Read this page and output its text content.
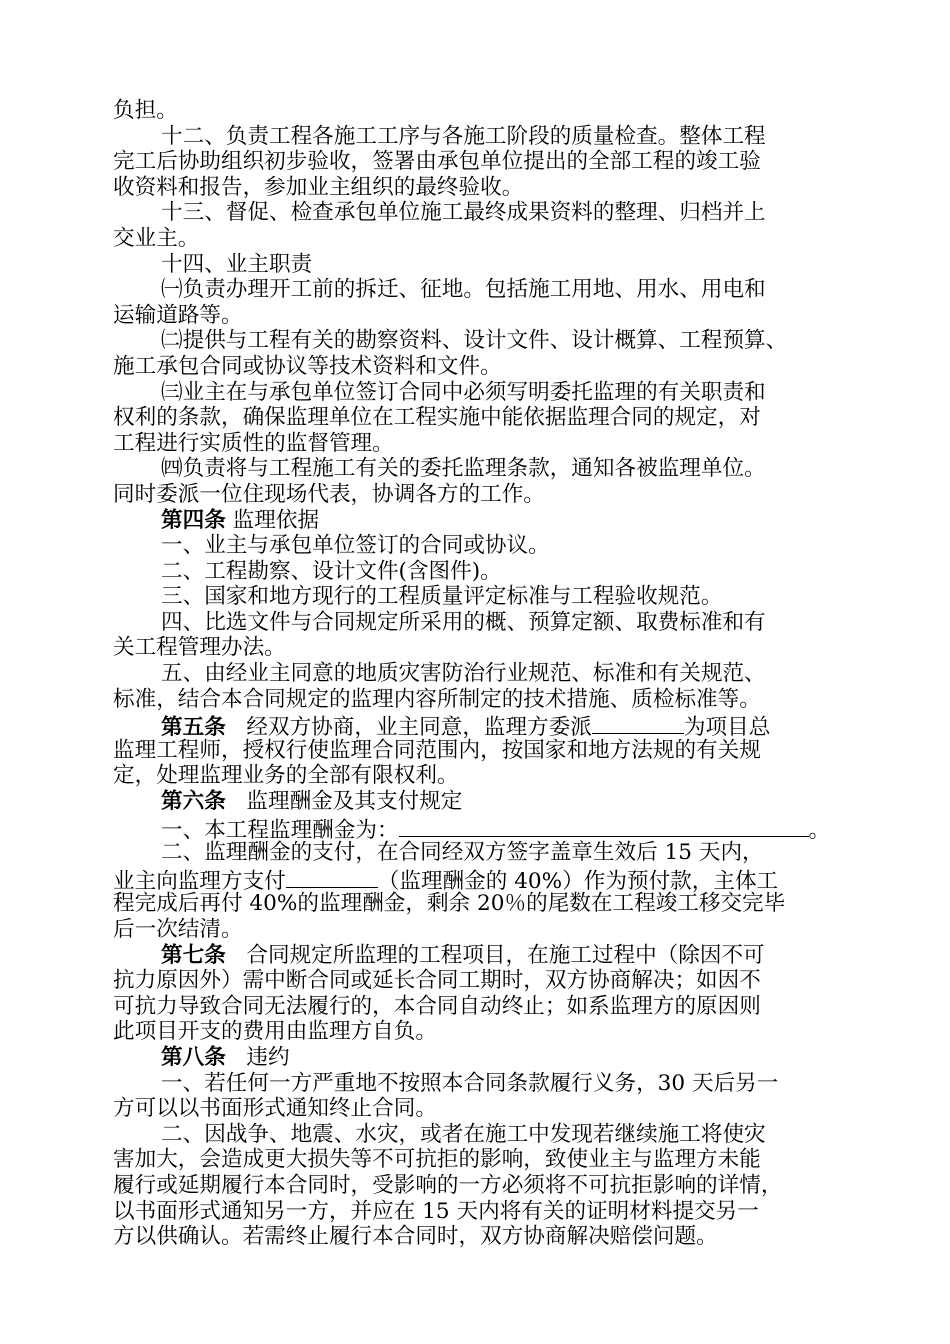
负担。
十二、负责工程各施工工序与各施工阶段的质量检查。整体工程
完工后协助组织初步验收，签署由承包单位提出的全部工程的竣工验
收资料和报告，参加业主组织的最终验收。
十三、督促、检查承包单位施工最终成果资料的整理、归档并上
交业主。
十四、业主职责
㈠负责办理开工前的拆迁、征地。包括施工用地、用水、用电和
运输道路等。
㈡提供与工程有关的勘察资料、设计文件、设计概算、工程预算、
施工承包合同或协议等技术资料和文件。
㈢业主在与承包单位签订合同中必须写明委托监理的有关职责和
权利的条款，确保监理单位在工程实施中能依据监理合同的规定，对
工程进行实质性的监督管理。
㈣负责将与工程施工有关的委托监理条款，通知各被监理单位。
同时委派一位住现场代表，协调各方的工作。
第四条 监理依据
一、业主与承包单位签订的合同或协议。
二、工程勘察、设计文件(含图件)。
三、国家和地方现行的工程质量评定标准与工程验收规范。
四、比选文件与合同规定所采用的概、预算定额、取费标准和有
关工程管理办法。
五、由经业主同意的地质灾害防治行业规范、标准和有关规范、
标准，结合本合同规定的监理内容所制定的技术措施、质检标准等。
第五条 经双方协商，业主同意，监理方委派	为项目总
监理工程师，授权行使监理合同范围内，按国家和地方法规的有关规
定，处理监理业务的全部有限权利。
第六条 监理酬金及其支付规定
一、本工程监理酬金为：	。
二、监理酬金的支付，在合同经双方签字盖章生效后 15 天内，
业主向监理方支付	（监理酬金的 40%）作为预付款，主体工
程完成后再付 40%的监理酬金，剩余 20％的尾数在工程竣工移交完毕
后一次结清。
第七条 合同规定所监理的工程项目，在施工过程中（除因不可
抗力原因外）需中断合同或延长合同工期时，双方协商解决；如因不
可抗力导致合同无法履行的，本合同自动终止；如系监理方的原因则
此项目开支的费用由监理方自负。
第八条 违约
一、若任何一方严重地不按照本合同条款履行义务，30 天后另一
方可以以书面形式通知终止合同。
二、因战争、地震、水灾，或者在施工中发现若继续施工将使灾
害加大，会造成更大损失等不可抗拒的影响，致使业主与监理方未能
履行或延期履行本合同时，受影响的一方必须将不可抗拒影响的详情，
以书面形式通知另一方，并应在 15 天内将有关的证明材料提交另一
方以供确认。若需终止履行本合同时，双方协商解决赔偿问题。
